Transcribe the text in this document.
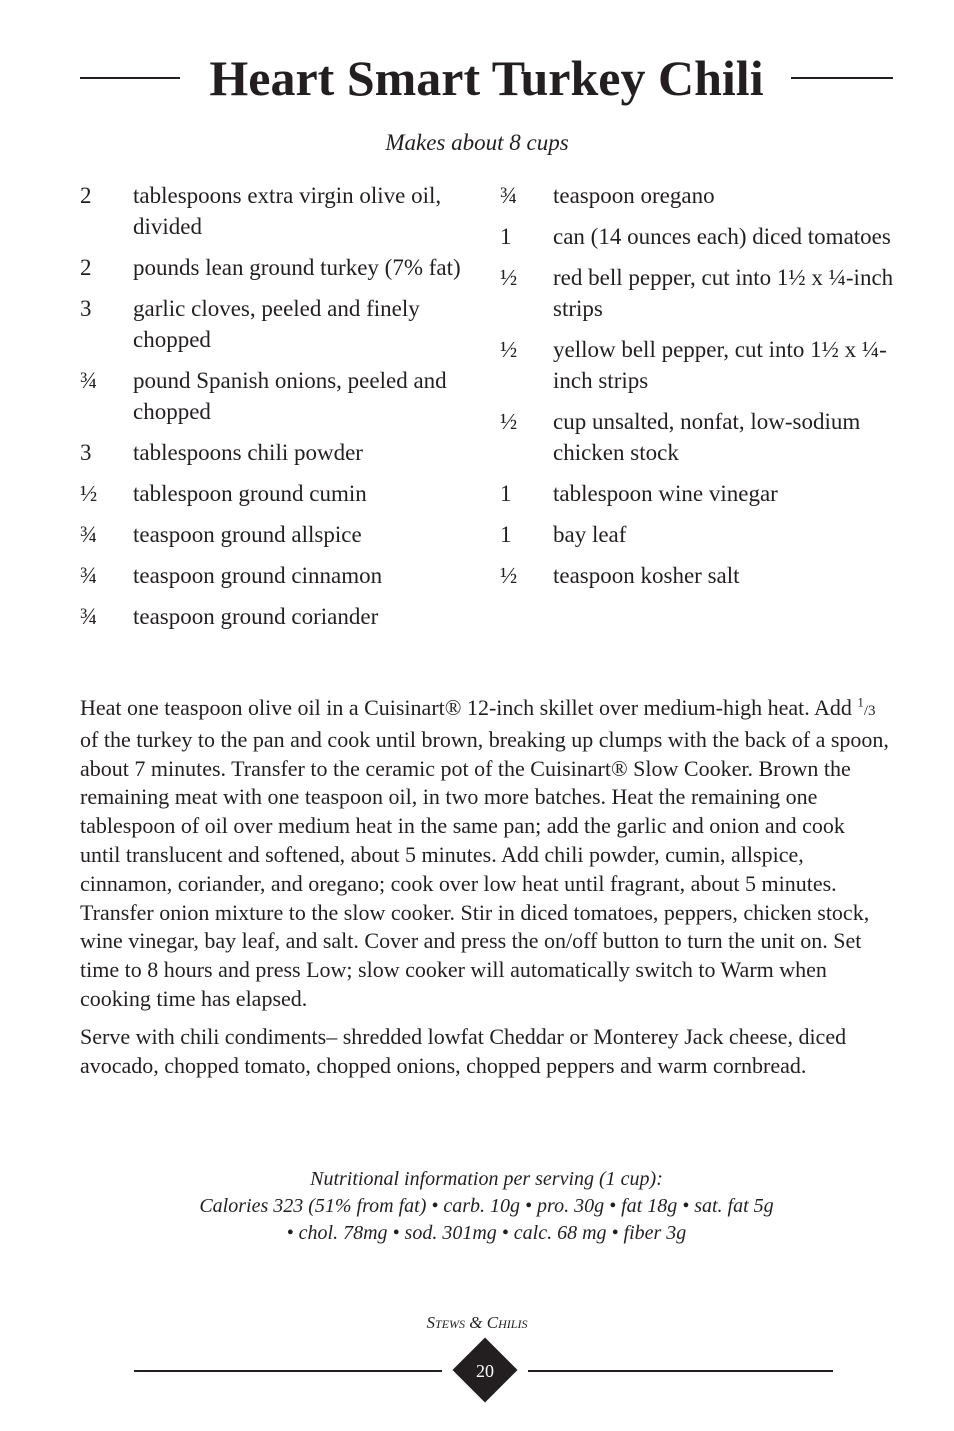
Heart Smart Turkey Chili
Makes about 8 cups
2	tablespoons extra virgin olive oil, divided
2	pounds lean ground turkey (7% fat)
3	garlic cloves, peeled and finely chopped
¾	pound Spanish onions, peeled and chopped
3	tablespoons chili powder
½	tablespoon ground cumin
¾	teaspoon ground allspice
¾	teaspoon ground cinnamon
¾	teaspoon ground coriander
¾	teaspoon oregano
1	can (14 ounces each) diced tomatoes
½	red bell pepper, cut into 1½ x ¼-inch strips
½	yellow bell pepper, cut into 1½ x ¼-inch strips
½	cup unsalted, nonfat, low-sodium chicken stock
1	tablespoon wine vinegar
1	bay leaf
½	teaspoon kosher salt

Heat one teaspoon olive oil in a Cuisinart® 12-inch skillet over medium-high heat. Add $^1$/3 of the turkey to the pan and cook until brown, breaking up clumps with the back of a spoon, about 7 minutes. Transfer to the ceramic pot of the Cuisinart® Slow Cooker. Brown the remaining meat with one teaspoon oil, in two more batches. Heat the remaining one tablespoon of oil over medium heat in the same pan; add the garlic and onion and cook until translucent and softened, about 5 minutes. Add chili powder, cumin, allspice, cinnamon, coriander, and oregano; cook over low heat until fragrant, about 5 minutes. Transfer onion mixture to the slow cooker. Stir in diced tomatoes, peppers, chicken stock, wine vinegar, bay leaf, and salt. Cover and press the on/off button to turn the unit on. Set time to 8 hours and press Low; slow cooker will automatically switch to Warm when cooking time has elapsed.

Serve with chili condiments– shredded lowfat Cheddar or Monterey Jack cheese, diced avocado, chopped tomato, chopped onions, chopped peppers and warm cornbread.

Nutritional information per serving (1 cup):
Calories 323 (51% from fat) • carb. 10g • pro. 30g • fat 18g • sat. fat 5g
• chol. 78mg • sod. 301mg • calc. 68 mg • fiber 3g
Stews & Chilis
20
